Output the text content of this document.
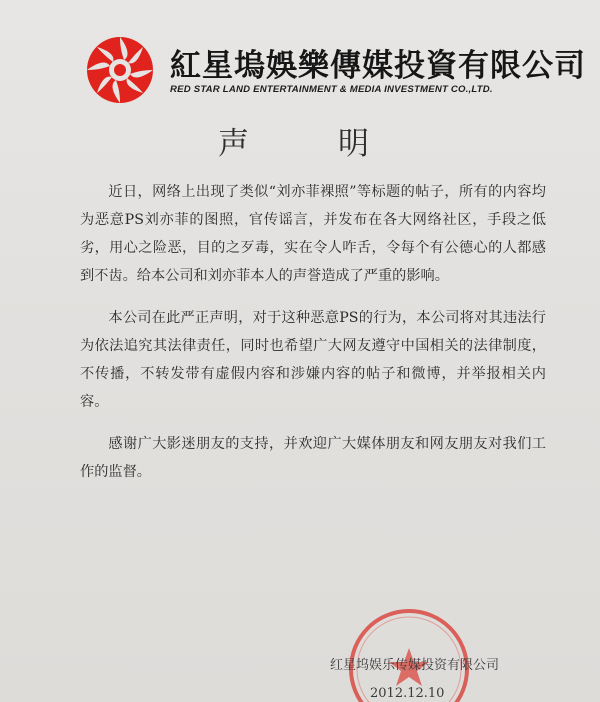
紅星塢娛樂傳媒投資有限公司
RED STAR LAND ENTERTAINMENT & MEDIA INVESTMENT CO.,LTD.
声	明

近日，网络上出现了类似“刘亦菲裸照”等标题的帖子，所有的内容均为恶意PS刘亦菲的图照，官传谣言，并发布在各大网络社区，手段之低劣，用心之险恶，目的之歹毒，实在令人咋舌，令每个有公德心的人都感到不齿。给本公司和刘亦菲本人的声誉造成了严重的影响。

本公司在此严正声明，对于这种恶意PS的行为，本公司将对其违法行为依法追究其法律责任，同时也希望广大网友遵守中国相关的法律制度，不传播，不转发带有虚假内容和涉嫌内容的帖子和微博，并举报相关内容。

感谢广大影迷朋友的支持，并欢迎广大媒体朋友和网友朋友对我们工作的监督。

红星坞娱乐传媒投资有限公司
2012.12.10
